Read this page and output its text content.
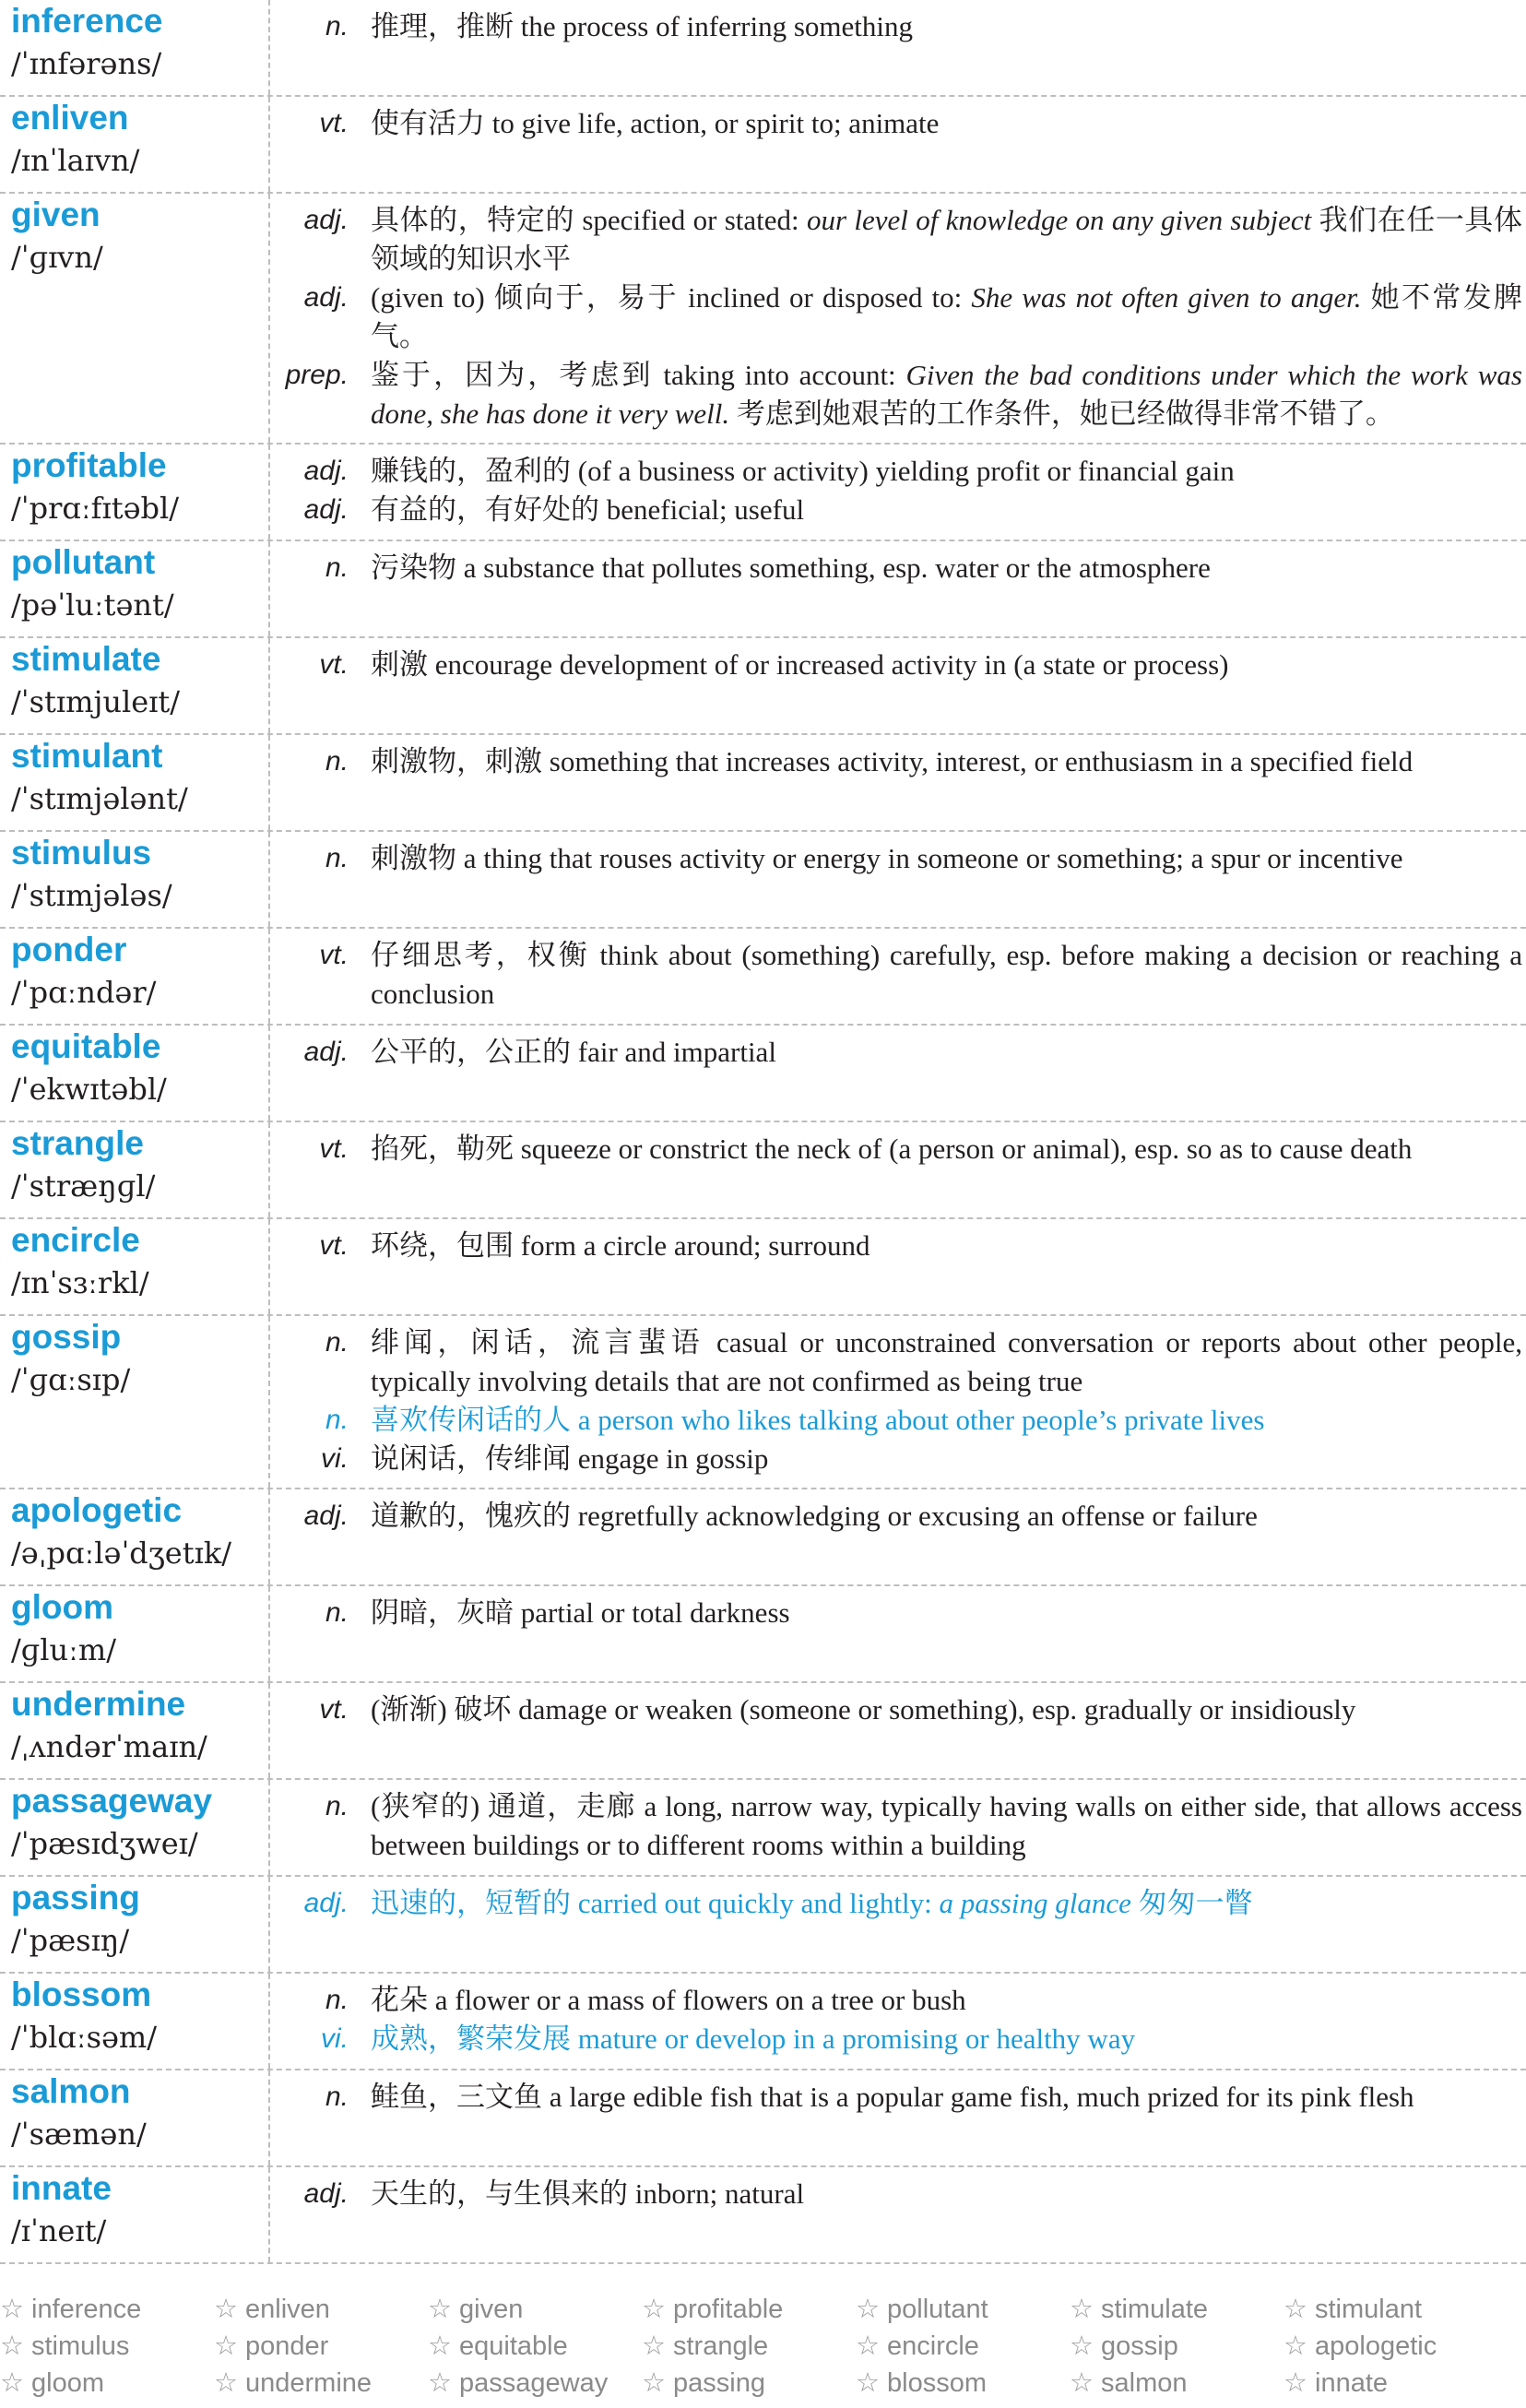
inference
/ˈɪnfərəns/
n. 推理，推断 the process of inferring something
enliven
/ɪnˈlaɪvn/
vt. 使有活力 to give life, action, or spirit to; animate
given
/ˈɡɪvn/
adj. 具体的，特定的 specified or stated: our level of knowledge on any given subject 我们在任一具体领域的知识水平
adj. (given to) 倾向于，易于 inclined or disposed to: She was not often given to anger. 她不常发脾气。
prep. 鉴于，因为，考虑到 taking into account: Given the bad conditions under which the work was done, she has done it very well. 考虑到她艰苦的工作条件，她已经做得非常不错了。
profitable
/ˈprɑːfɪtəbl/
adj. 赚钱的，盈利的 (of a business or activity) yielding profit or financial gain
adj. 有益的，有好处的 beneficial; useful
pollutant
/pəˈluːtənt/
n. 污染物 a substance that pollutes something, esp. water or the atmosphere
stimulate
/ˈstɪmjuleɪt/
vt. 刺激 encourage development of or increased activity in (a state or process)
stimulant
/ˈstɪmjələnt/
n. 刺激物，刺激 something that increases activity, interest, or enthusiasm in a specified field
stimulus
/ˈstɪmjələs/
n. 刺激物 a thing that rouses activity or energy in someone or something; a spur or incentive
ponder
/ˈpɑːndər/
vt. 仔细思考，权衡 think about (something) carefully, esp. before making a decision or reaching a conclusion
equitable
/ˈekwɪtəbl/
adj. 公平的，公正的 fair and impartial
strangle
/ˈstræŋɡl/
vt. 掐死，勒死 squeeze or constrict the neck of (a person or animal), esp. so as to cause death
encircle
/ɪnˈsɜːrkl/
vt. 环绕，包围 form a circle around; surround
gossip
/ˈɡɑːsɪp/
n. 绯闻，闲话，流言蜚语 casual or unconstrained conversation or reports about other people, typically involving details that are not confirmed as being true
n. 喜欢传闲话的人 a person who likes talking about other people’s private lives
vi. 说闲话，传绯闻 engage in gossip
apologetic
/əˌpɑːləˈdʒetɪk/
adj. 道歉的，愧疚的 regretfully acknowledging or excusing an offense or failure
gloom
/ɡluːm/
n. 阴暗，灰暗 partial or total darkness
undermine
/ˌʌndərˈmaɪn/
vt. (渐渐) 破坏 damage or weaken (someone or something), esp. gradually or insidiously
passageway
/ˈpæsɪdʒweɪ/
n. (狭窄的) 通道，走廊 a long, narrow way, typically having walls on either side, that allows access between buildings or to different rooms within a building
passing
/ˈpæsɪŋ/
adj. 迅速的，短暂的 carried out quickly and lightly: a passing glance 匆匆一瞥
blossom
/ˈblɑːsəm/
n. 花朵 a flower or a mass of flowers on a tree or bush
vi. 成熟，繁荣发展 mature or develop in a promising or healthy way
salmon
/ˈsæmən/
n. 鲑鱼，三文鱼 a large edible fish that is a popular game fish, much prized for its pink flesh
innate
/ɪˈneɪt/
adj. 天生的，与生俱来的 inborn; natural
☆ inference	☆ enliven	☆ given	☆ profitable	☆ pollutant	☆ stimulate	☆ stimulant
☆ stimulus	☆ ponder	☆ equitable	☆ strangle	☆ encircle	☆ gossip	☆ apologetic
☆ gloom	☆ undermine	☆ passageway	☆ passing	☆ blossom	☆ salmon	☆ innate
